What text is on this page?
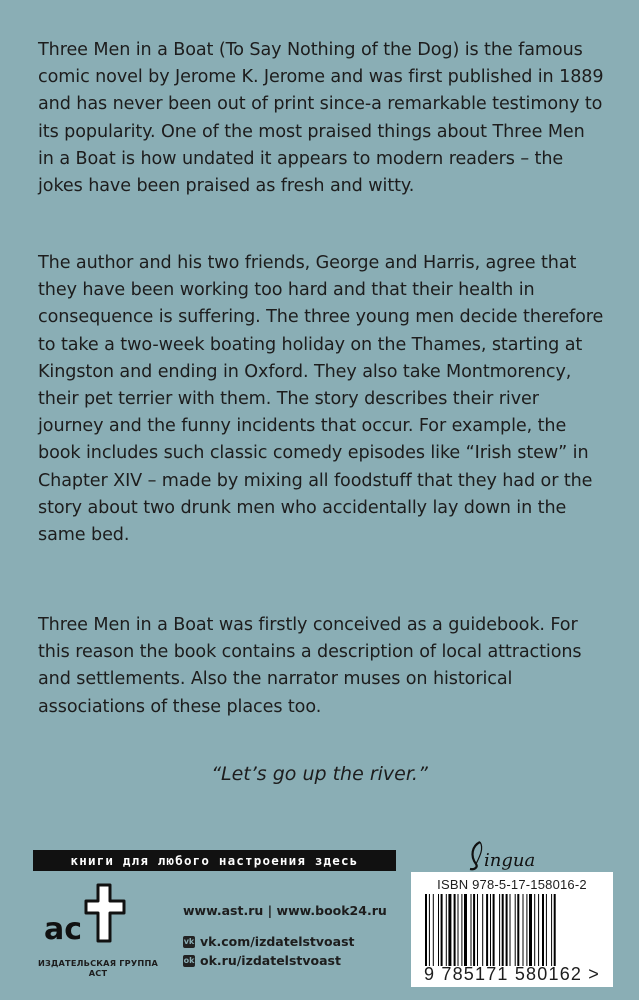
Three Men in a Boat (To Say Nothing of the Dog) is the famous comic novel by Jerome K. Jerome and was first published in 1889 and has never been out of print since-a remarkable testimony to its popularity. One of the most praised things about Three Men in a Boat is how undated it appears to modern readers – the jokes have been praised as fresh and witty.

The author and his two friends, George and Harris, agree that they have been working too hard and that their health in consequence is suffering. The three young men decide therefore to take a two-week boating holiday on the Thames, starting at Kingston and ending in Oxford. They also take Montmorency, their pet terrier with them. The story describes their river journey and the funny incidents that occur. For example, the book includes such classic comedy episodes like “Irish stew” in Chapter XIV – made by mixing all foodstuff that they had or the story about two drunk men who accidentally lay down in the same bed.

Three Men in a Boat was firstly conceived as a guidebook. For this reason the book contains a description of local attractions and settlements. Also the narrator muses on historical associations of these places too.

“Let’s go up the river.”

книги для любого настроения здесь	ingua
ас
ИЗДАТЕЛЬСКАЯ ГРУППА АСТ
www.ast.ru | www.book24.ru
vk vk.com/izdatelstvoast
ok ok.ru/izdatelstvoast
ISBN 978-5-17-158016-2
9 785171 580162 >
